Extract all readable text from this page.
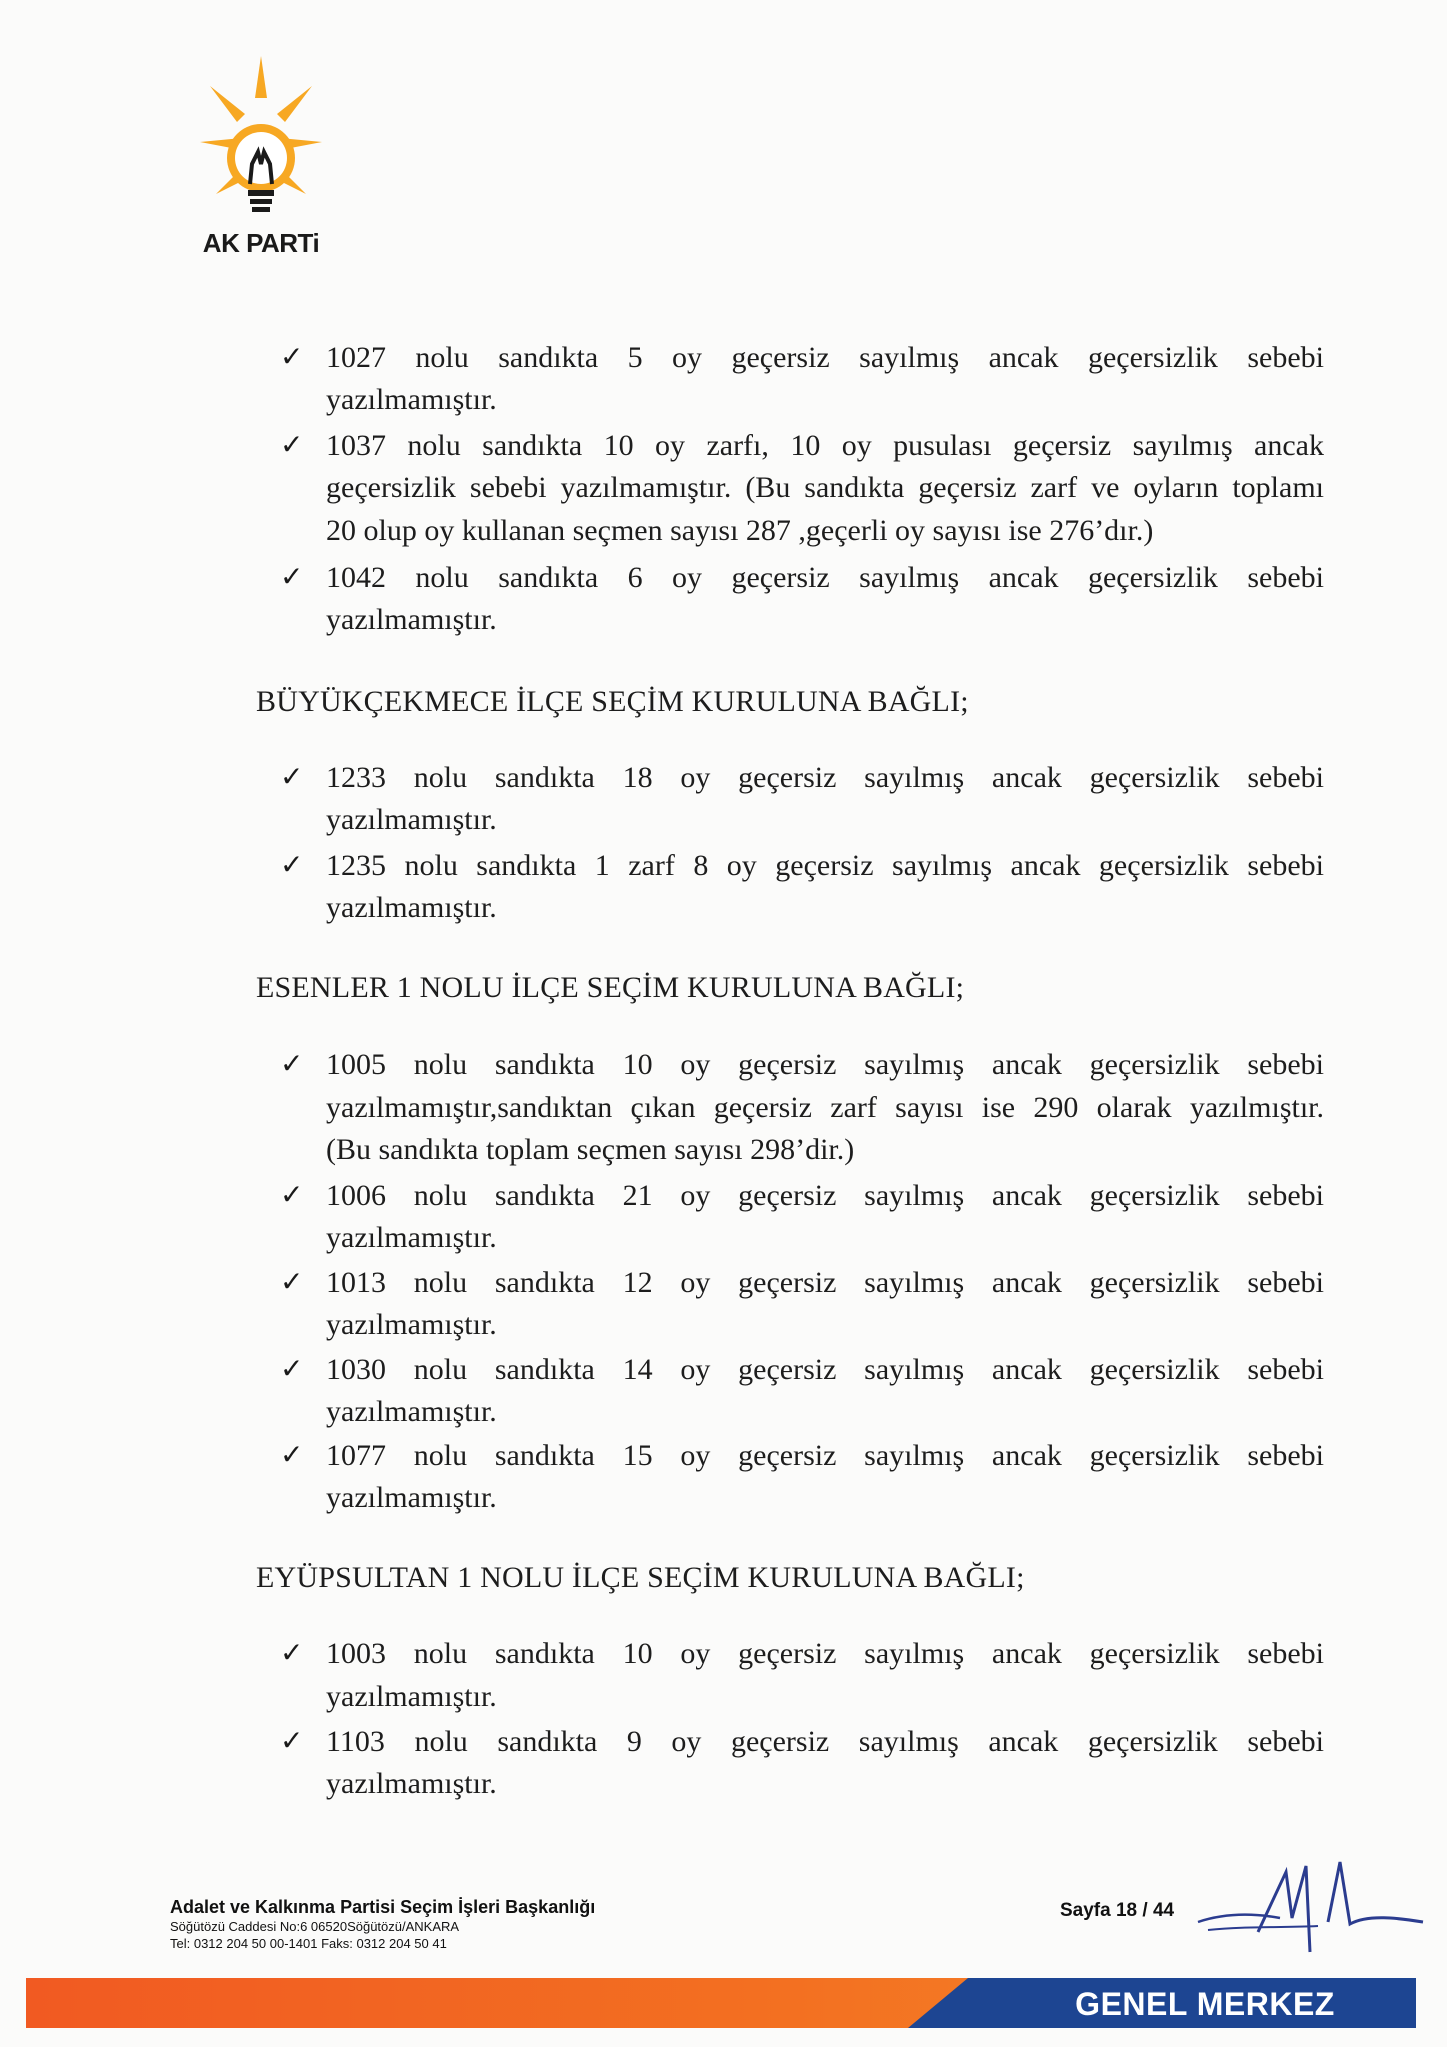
AK PARTi
✓ 1027 nolu sandıkta 5 oy geçersiz sayılmış ancak geçersizlik sebebi
yazılmamıştır.
✓ 1037 nolu sandıkta 10 oy zarfı, 10 oy pusulası geçersiz sayılmış ancak
geçersizlik sebebi yazılmamıştır. (Bu sandıkta geçersiz zarf ve oyların toplamı
20 olup oy kullanan seçmen sayısı 287 ,geçerli oy sayısı ise 276’dır.)
✓ 1042 nolu sandıkta 6 oy geçersiz sayılmış ancak geçersizlik sebebi
yazılmamıştır.
BÜYÜKÇEKMECE İLÇE SEÇİM KURULUNA BAĞLI;
✓ 1233 nolu sandıkta 18 oy geçersiz sayılmış ancak geçersizlik sebebi
yazılmamıştır.
✓ 1235 nolu sandıkta 1 zarf 8 oy geçersiz sayılmış ancak geçersizlik sebebi
yazılmamıştır.
ESENLER 1 NOLU İLÇE SEÇİM KURULUNA BAĞLI;
✓ 1005 nolu sandıkta 10 oy geçersiz sayılmış ancak geçersizlik sebebi
yazılmamıştır,sandıktan çıkan geçersiz zarf sayısı ise 290 olarak yazılmıştır.
(Bu sandıkta toplam seçmen sayısı 298’dir.)
✓ 1006 nolu sandıkta 21 oy geçersiz sayılmış ancak geçersizlik sebebi
yazılmamıştır.
✓ 1013 nolu sandıkta 12 oy geçersiz sayılmış ancak geçersizlik sebebi
yazılmamıştır.
✓ 1030 nolu sandıkta 14 oy geçersiz sayılmış ancak geçersizlik sebebi
yazılmamıştır.
✓ 1077 nolu sandıkta 15 oy geçersiz sayılmış ancak geçersizlik sebebi
yazılmamıştır.
EYÜPSULTAN 1 NOLU İLÇE SEÇİM KURULUNA BAĞLI;
✓ 1003 nolu sandıkta 10 oy geçersiz sayılmış ancak geçersizlik sebebi
yazılmamıştır.
✓ 1103 nolu sandıkta 9 oy geçersiz sayılmış ancak geçersizlik sebebi
yazılmamıştır.
Adalet ve Kalkınma Partisi Seçim İşleri Başkanlığı
Söğütözü Caddesi No:6 06520Söğütözü/ANKARA
Tel: 0312 204 50 00-1401 Faks: 0312 204 50 41
Sayfa 18 / 44
GENEL MERKEZ
